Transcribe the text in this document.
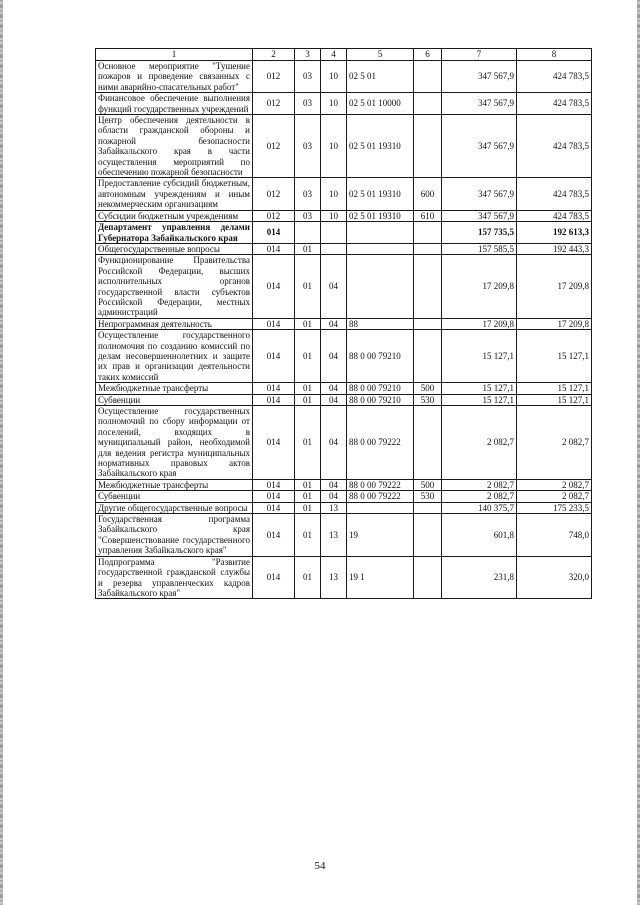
1	2	3	4	5	6	7	8
Основное мероприятие "Тушение пожаров и проведение связанных с ними аварийно-спасательных работ"	012	03	10	02 5 01		347 567,9	424 783,5
Финансовое обеспечение выполнения функций государственных учреждений	012	03	10	02 5 01 10000		347 567,9	424 783,5
Центр обеспечения деятельности в области гражданской обороны и пожарной безопасности Забайкальского края в части осуществления мероприятий по обеспечению пожарной безопасности	012	03	10	02 5 01 19310		347 567,9	424 783,5
Предоставление субсидий бюджетным, автономным учреждениям и иным некоммерческим организациям	012	03	10	02 5 01 19310	600	347 567,9	424 783,5
Субсидии бюджетным учреждениям	012	03	10	02 5 01 19310	610	347 567,9	424 783,5
Департамент управления делами Губернатора Забайкальского края	014					157 735,5	192 613,3
Общегосударственные вопросы	014	01				157 585,5	192 443,3
Функционирование Правительства Российской Федерации, высших исполнительных органов государственной власти субъектов Российской Федерации, местных администраций	014	01	04			17 209,8	17 209,8
Непрограммная деятельность	014	01	04	88		17 209,8	17 209,8
Осуществление государственного полномочия по созданию комиссий по делам несовершеннолетних и защите их прав и организации деятельности таких комиссий	014	01	04	88 0 00 79210		15 127,1	15 127,1
Межбюджетные трансферты	014	01	04	88 0 00 79210	500	15 127,1	15 127,1
Субвенции	014	01	04	88 0 00 79210	530	15 127,1	15 127,1
Осуществление государственных полномочий по сбору информации от поселений, входящих в муниципальный район, необходимой для ведения регистра муниципальных нормативных правовых актов Забайкальского края	014	01	04	88 0 00 79222		2 082,7	2 082,7
Межбюджетные трансферты	014	01	04	88 0 00 79222	500	2 082,7	2 082,7
Субвенции	014	01	04	88 0 00 79222	530	2 082,7	2 082,7
Другие общегосударственные вопросы	014	01	13			140 375,7	175 233,5
Государственная программа Забайкальского края "Совершенствование государственного управления Забайкальского края"	014	01	13	19		601,8	748,0
Подпрограмма "Развитие государственной гражданской службы и резерва управленческих кадров Забайкальского края"	014	01	13	19 1		231,8	320,0
54
